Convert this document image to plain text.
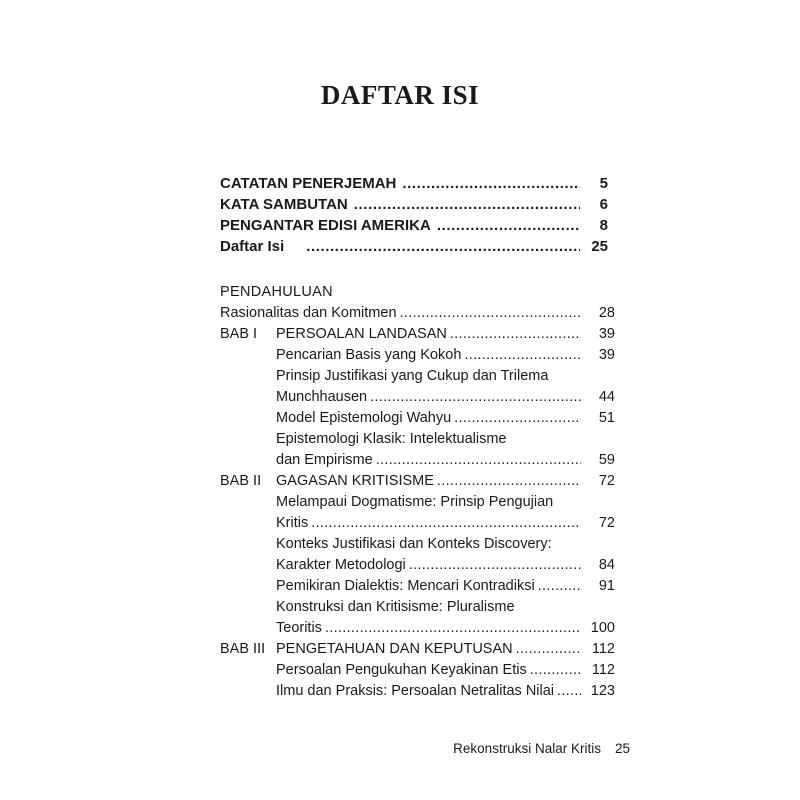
DAFTAR ISI
CATATAN PENERJEMAH .....	5
KATA SAMBUTAN .....	6
PENGANTAR EDISI AMERIKA .....	8
Daftar Isi .....	25
PENDAHULUAN
Rasionalitas dan Komitmen .....	28
BAB I	PERSOALAN LANDASAN .....	39
Pencarian Basis yang Kokoh .....	39
Prinsip Justifikasi yang Cukup dan Trilema
Munchhausen .....	44
Model Epistemologi Wahyu .....	51
Epistemologi Klasik: Intelektualisme
dan Empirisme .....	59
BAB II	GAGASAN KRITISISME .....	72
Melampaui Dogmatisme: Prinsip Pengujian
Kritis .....	72
Konteks Justifikasi dan Konteks Discovery:
Karakter Metodologi .....	84
Pemikiran Dialektis: Mencari Kontradiksi .....	91
Konstruksi dan Kritisisme: Pluralisme
Teoritis .....	100
BAB III PENGETAHUAN DAN KEPUTUSAN .....	112
Persoalan Pengukuhan Keyakinan Etis .....	112
Ilmu dan Praksis: Persoalan Netralitas Nilai .....	123
Rekonstruksi Nalar Kritis 25
